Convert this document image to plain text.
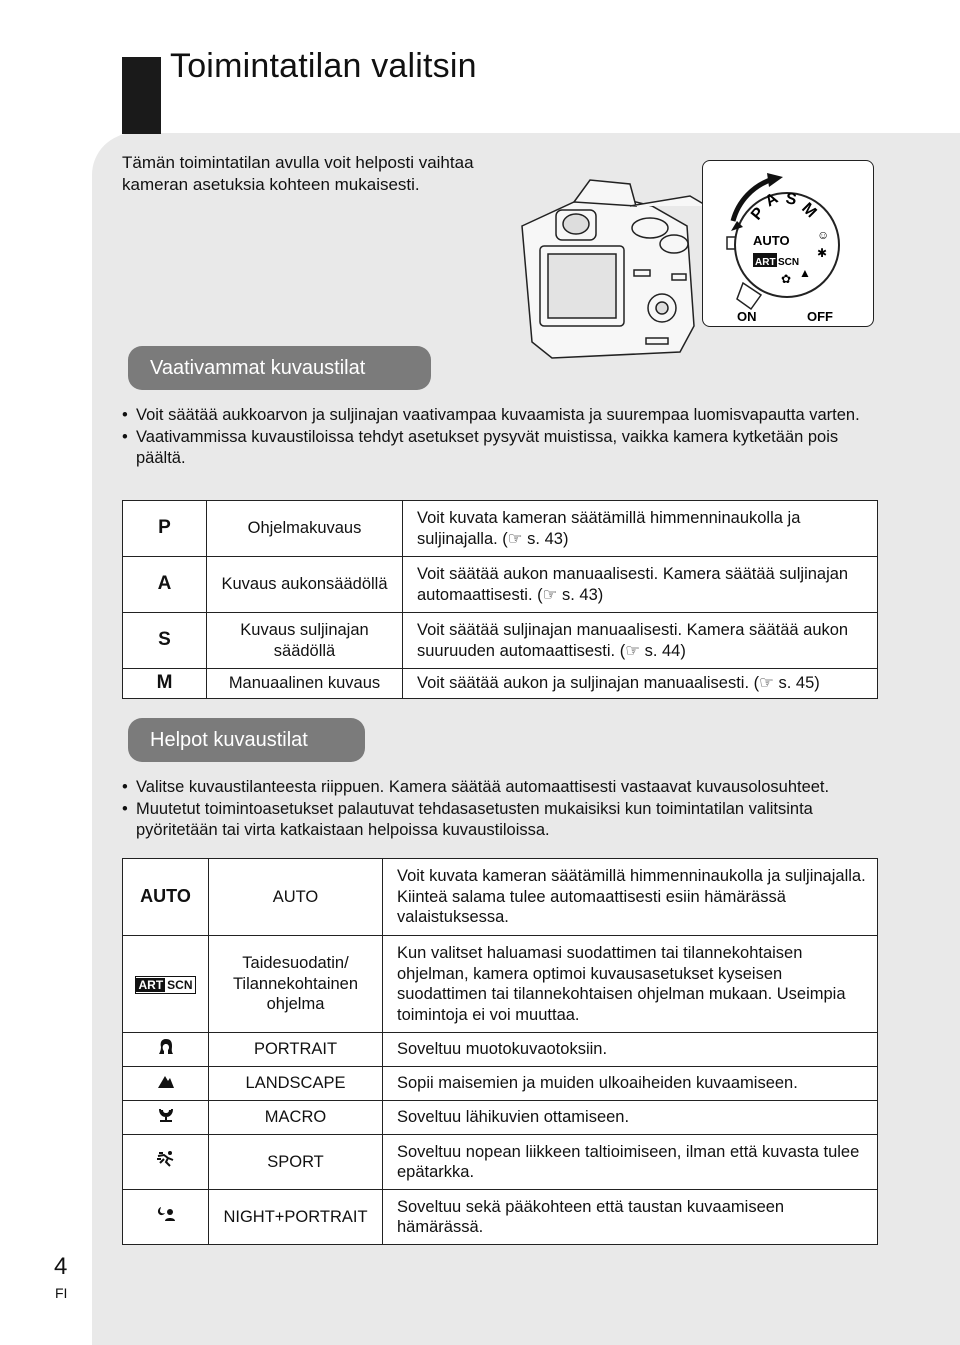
Toimintatilan valitsin
Tämän toimintatilan avulla voit helposti vaihtaa kameran asetuksia kohteen mukaisesti.
P
A S
M
AUTO
ART SCN
☺
✱
▲
✿
ON	OFF
Vaativammat kuvaustilat
• Voit säätää aukkoarvon ja suljinajan vaativampaa kuvaamista ja suurempaa luomisvapautta varten.
• Vaativammissa kuvaustiloissa tehdyt asetukset pysyvät muistissa, vaikka kamera kytketään pois päältä.
P	Ohjelmakuvaus	Voit kuvata kameran säätämillä himmenninaukolla ja suljinajalla. (☞ s. 43)
A	Kuvaus aukonsäädöllä	Voit säätää aukon manuaalisesti. Kamera säätää suljinajan automaattisesti. (☞ s. 43)
S	Kuvaus suljinajan säädöllä	Voit säätää suljinajan manuaalisesti. Kamera säätää aukon suuruuden automaattisesti. (☞ s. 44)
M	Manuaalinen kuvaus	Voit säätää aukon ja suljinajan manuaalisesti. (☞ s. 45)
Helpot kuvaustilat
• Valitse kuvaustilanteesta riippuen. Kamera säätää automaattisesti vastaavat kuvausolosuhteet.
• Muutetut toimintoasetukset palautuvat tehdasasetusten mukaisiksi kun toimintatilan valitsinta pyöritetään tai virta katkaistaan helpoissa kuvaustiloissa.
AUTO	AUTO	Voit kuvata kameran säätämillä himmenninaukolla ja suljinajalla. Kiinteä salama tulee automaattisesti esiin hämärässä valaistuksessa.
ART SCN	Taidesuodatin/ Tilannekohtainen ohjelma	Kun valitset haluamasi suodattimen tai tilannekohtaisen ohjelman, kamera optimoi kuvausasetukset kyseisen suodattimen tai tilannekohtaisen ohjelman mukaan. Useimpia toimintoja ei voi muuttaa.
	PORTRAIT	Soveltuu muotokuvaotoksiin.
	LANDSCAPE	Sopii maisemien ja muiden ulkoaiheiden kuvaamiseen.
	MACRO	Soveltuu lähikuvien ottamiseen.
	SPORT	Soveltuu nopean liikkeen taltioimiseen, ilman että kuvasta tulee epätarkka.
	NIGHT+PORTRAIT	Soveltuu sekä pääkohteen että taustan kuvaamiseen hämärässä.
4
FI
